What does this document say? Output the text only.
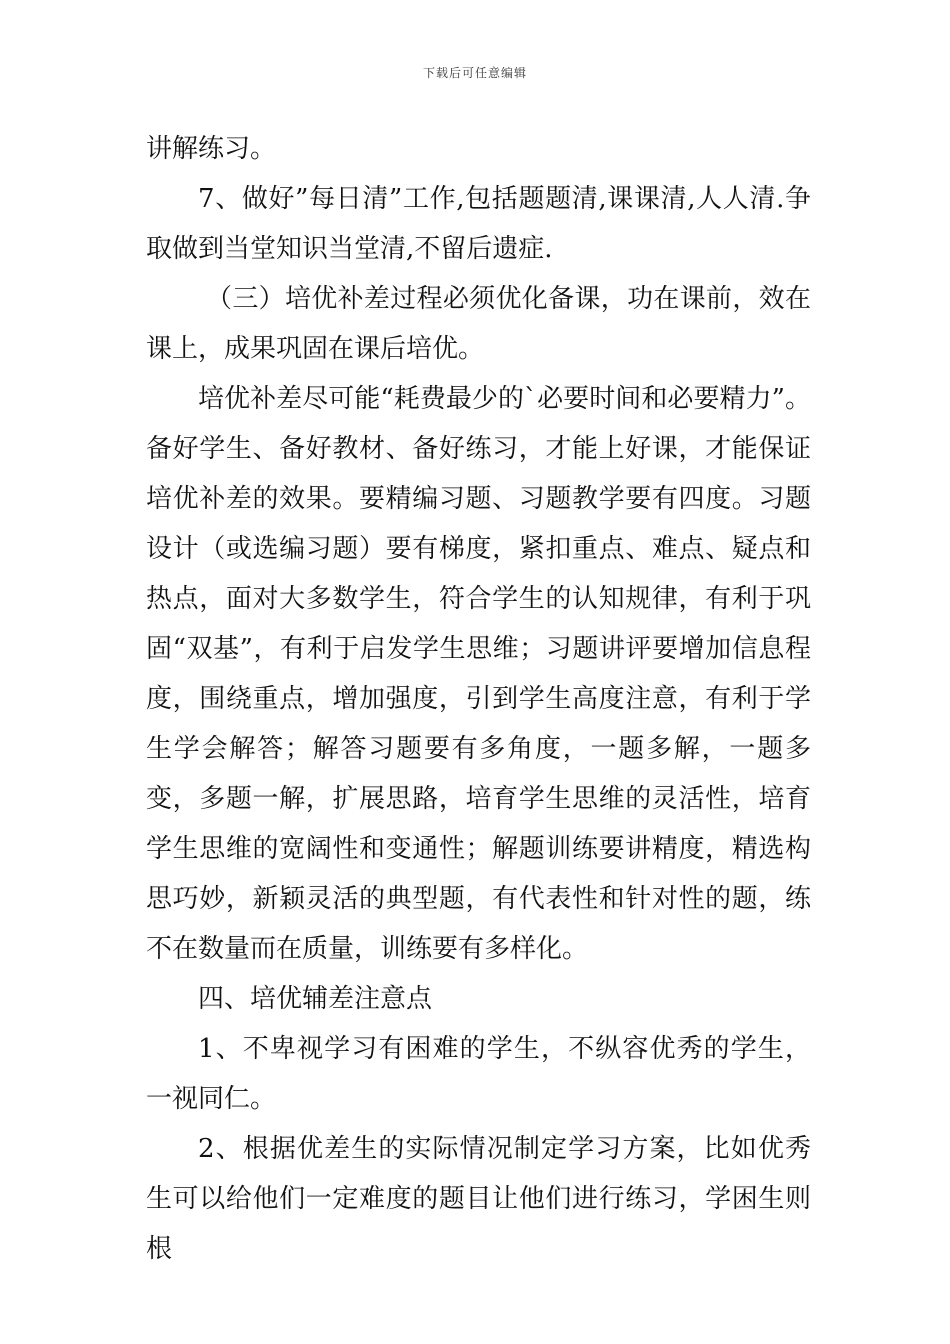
下载后可任意编辑

讲解练习。

7、做好”每日清”工作,包括题题清,课课清,人人清.争取做到当堂知识当堂清,不留后遗症.

（三）培优补差过程必须优化备课，功在课前，效在课上，成果巩固在课后培优。

培优补差尽可能“耗费最少的`必要时间和必要精力”。备好学生、备好教材、备好练习，才能上好课，才能保证培优补差的效果。要精编习题、习题教学要有四度。习题设计（或选编习题）要有梯度，紧扣重点、难点、疑点和热点，面对大多数学生，符合学生的认知规律，有利于巩固“双基”，有利于启发学生思维；习题讲评要增加信息程度，围绕重点，增加强度，引到学生高度注意，有利于学生学会解答；解答习题要有多角度，一题多解，一题多变，多题一解，扩展思路，培育学生思维的灵活性，培育学生思维的宽阔性和变通性；解题训练要讲精度，精选构思巧妙，新颖灵活的典型题，有代表性和针对性的题，练不在数量而在质量，训练要有多样化。

四、培优辅差注意点

1、不卑视学习有困难的学生，不纵容优秀的学生，一视同仁。

2、根据优差生的实际情况制定学习方案，比如优秀生可以给他们一定难度的题目让他们进行练习，学困生则根
